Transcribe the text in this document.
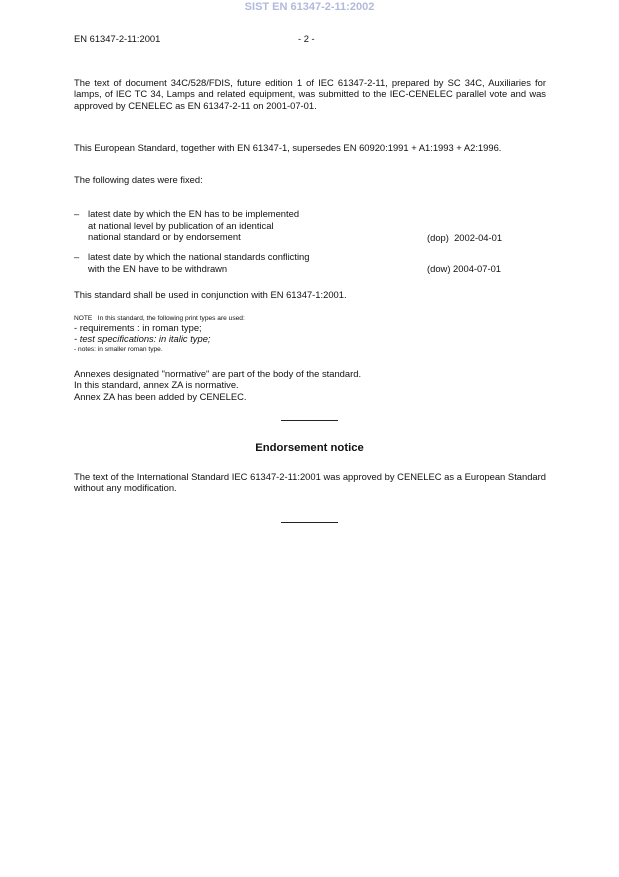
SIST EN 61347-2-11:2002
EN 61347-2-11:2001	- 2 -
The text of document 34C/528/FDIS, future edition 1 of IEC 61347-2-11, prepared by SC 34C, Auxiliaries for lamps, of IEC TC 34, Lamps and related equipment, was submitted to the IEC-CENELEC parallel vote and was approved by CENELEC as EN 61347-2-11 on 2001-07-01.
This European Standard, together with EN 61347-1, supersedes EN 60920:1991 + A1:1993 + A2:1996.
The following dates were fixed:
– latest date by which the EN has to be implemented
at national level by publication of an identical
national standard or by endorsement	(dop)  2002-04-01
– latest date by which the national standards conflicting
with the EN have to be withdrawn	(dow) 2004-07-01
This standard shall be used in conjunction with EN 61347-1:2001.
NOTE   In this standard, the following print types are used:
- requirements : in roman type;
- test specifications: in italic type;
- notes: in smaller roman type.
Annexes designated "normative" are part of the body of the standard.
In this standard, annex ZA is normative.
Annex ZA has been added by CENELEC.
Endorsement notice
The text of the International Standard IEC 61347-2-11:2001 was approved by CENELEC as a European Standard without any modification.
